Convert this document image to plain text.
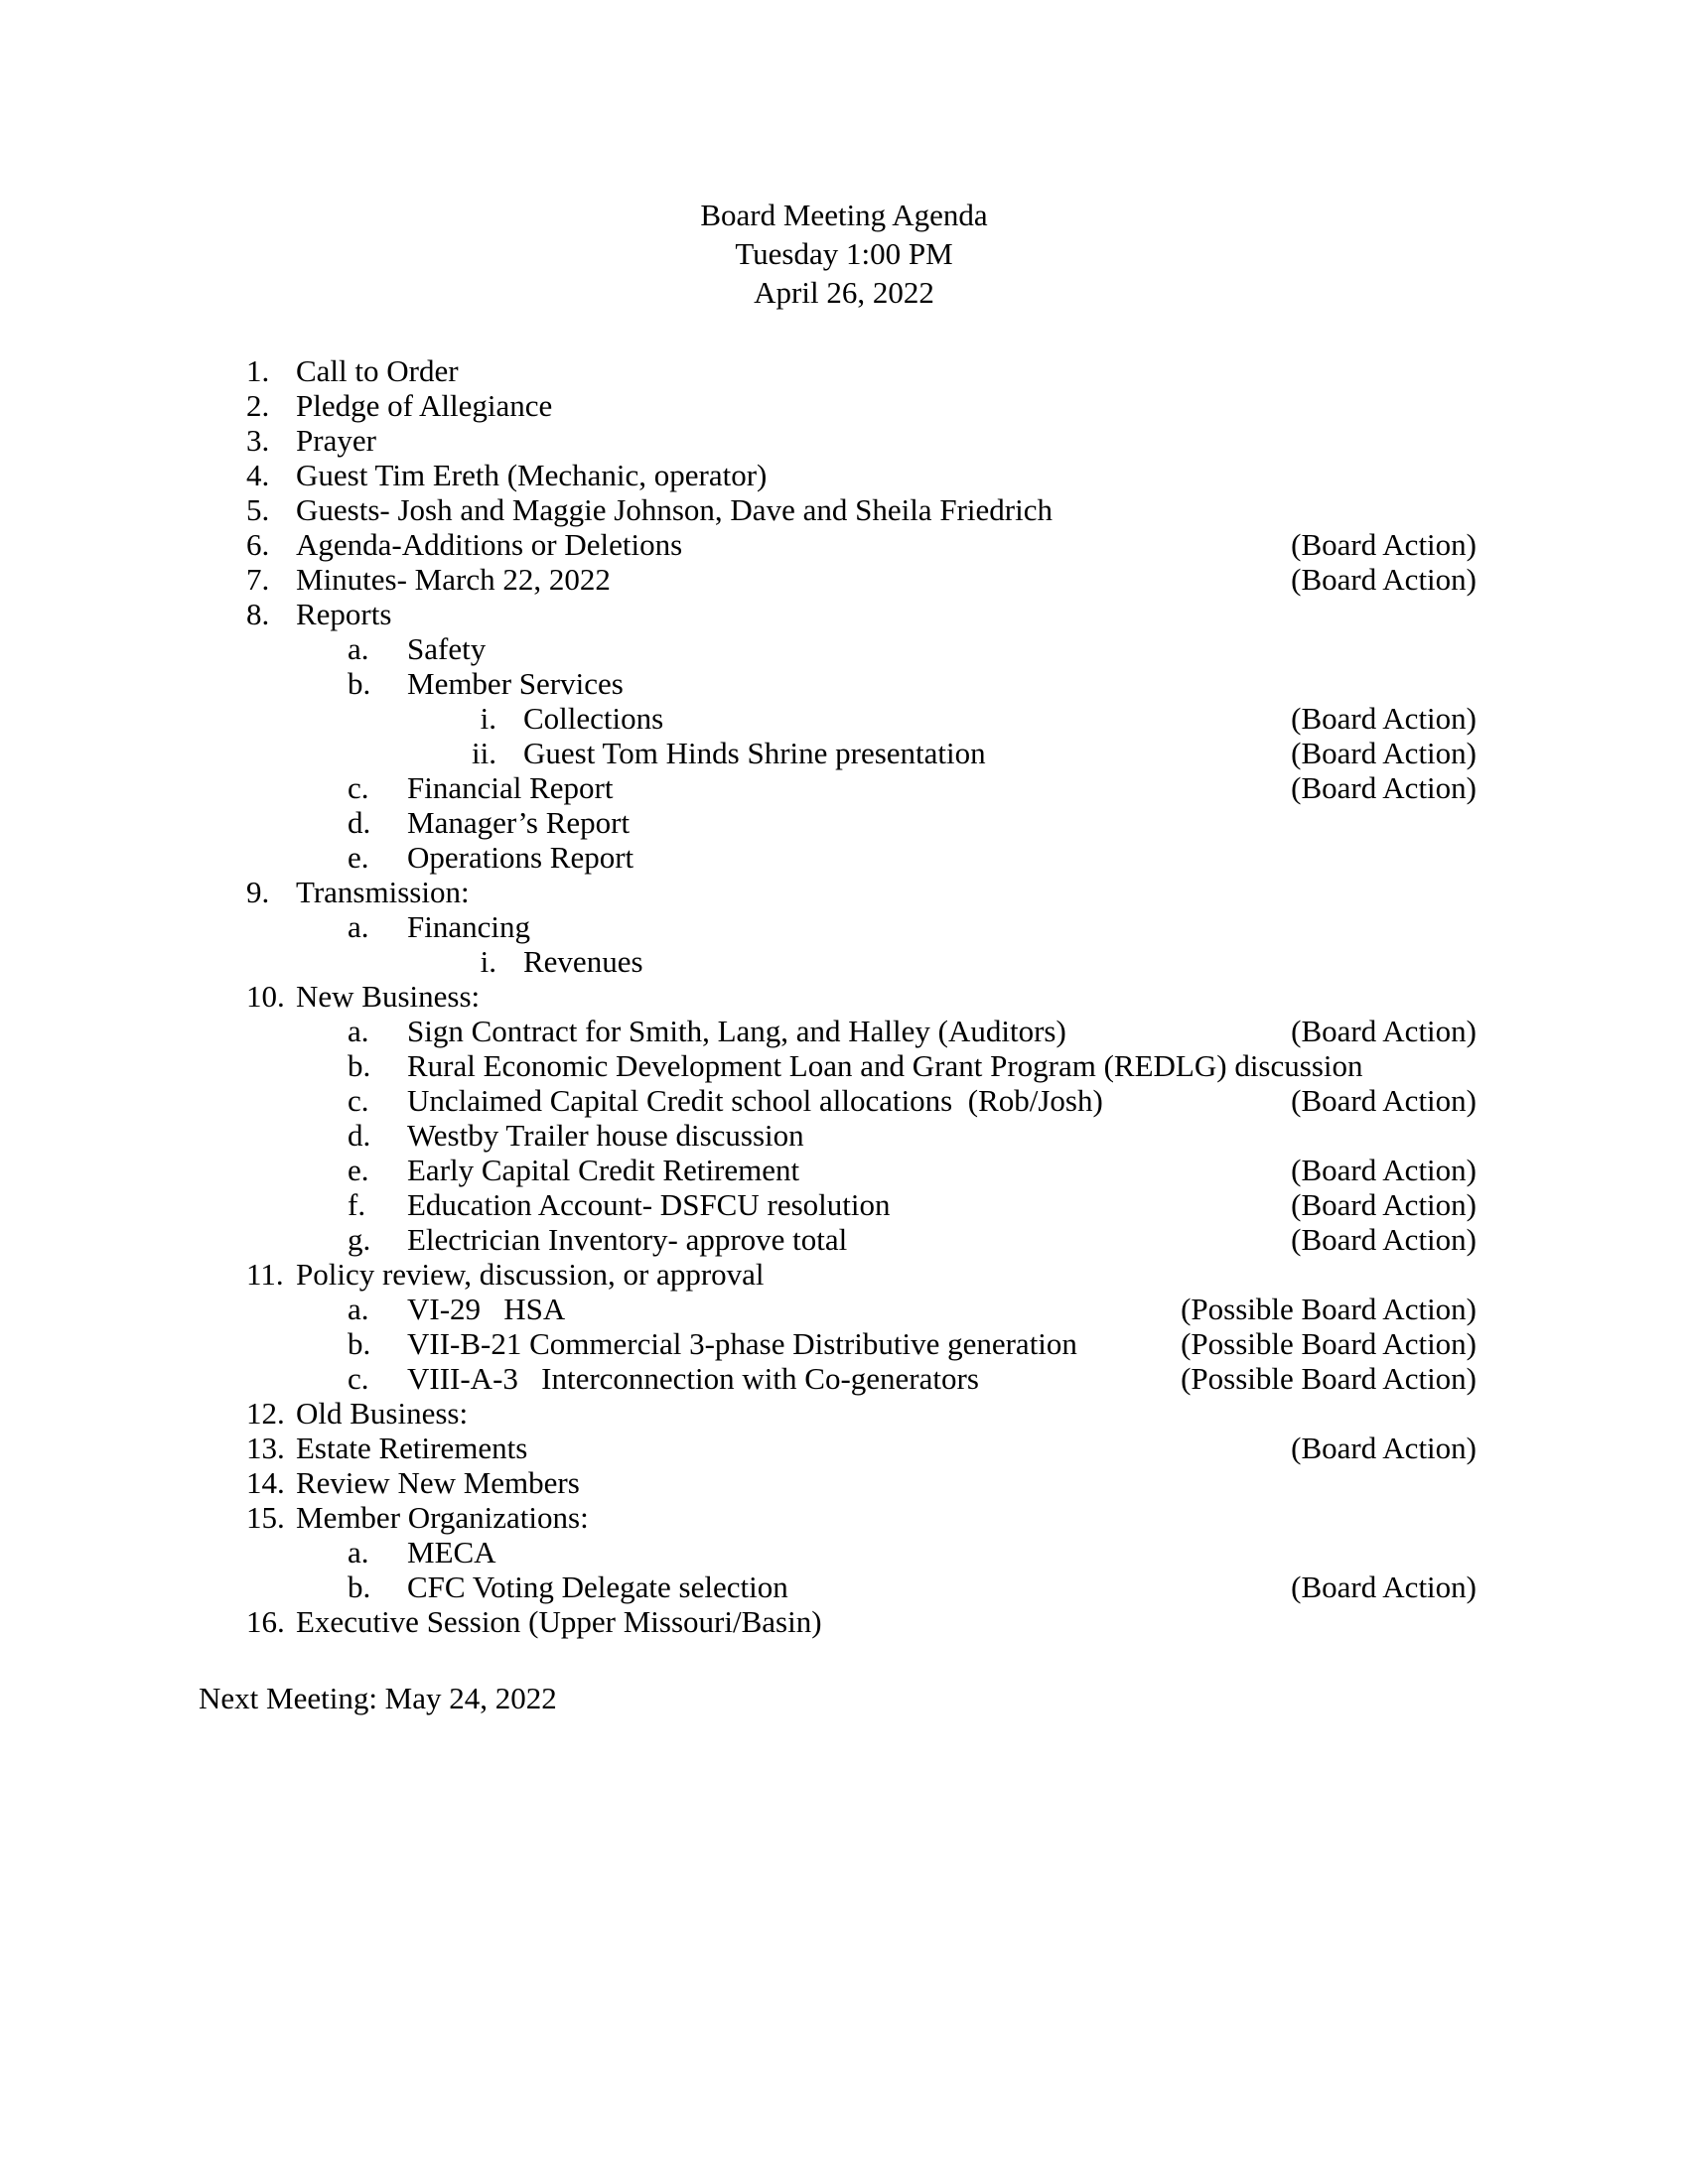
Board Meeting Agenda
Tuesday 1:00 PM
April 26, 2022
1. Call to Order
2. Pledge of Allegiance
3. Prayer
4. Guest Tim Ereth (Mechanic, operator)
5. Guests- Josh and Maggie Johnson, Dave and Sheila Friedrich
6. Agenda-Additions or Deletions	(Board Action)
7. Minutes- March 22, 2022	(Board Action)
8. Reports
a. Safety
b. Member Services
i. Collections	(Board Action)
ii. Guest Tom Hinds Shrine presentation	(Board Action)
c. Financial Report	(Board Action)
d. Manager’s Report
e. Operations Report
9. Transmission:
a. Financing
i. Revenues
10. New Business:
a. Sign Contract for Smith, Lang, and Halley (Auditors)	(Board Action)
b. Rural Economic Development Loan and Grant Program (REDLG) discussion
c. Unclaimed Capital Credit school allocations  (Rob/Josh)	(Board Action)
d. Westby Trailer house discussion
e. Early Capital Credit Retirement	(Board Action)
f. Education Account- DSFCU resolution	(Board Action)
g. Electrician Inventory- approve total	(Board Action)
11. Policy review, discussion, or approval
a. VI-29   HSA	(Possible Board Action)
b. VII-B-21 Commercial 3-phase Distributive generation	(Possible Board Action)
c. VIII-A-3   Interconnection with Co-generators	(Possible Board Action)
12. Old Business:
13. Estate Retirements	(Board Action)
14. Review New Members
15. Member Organizations:
a. MECA
b. CFC Voting Delegate selection	(Board Action)
16. Executive Session (Upper Missouri/Basin)
Next Meeting: May 24, 2022
